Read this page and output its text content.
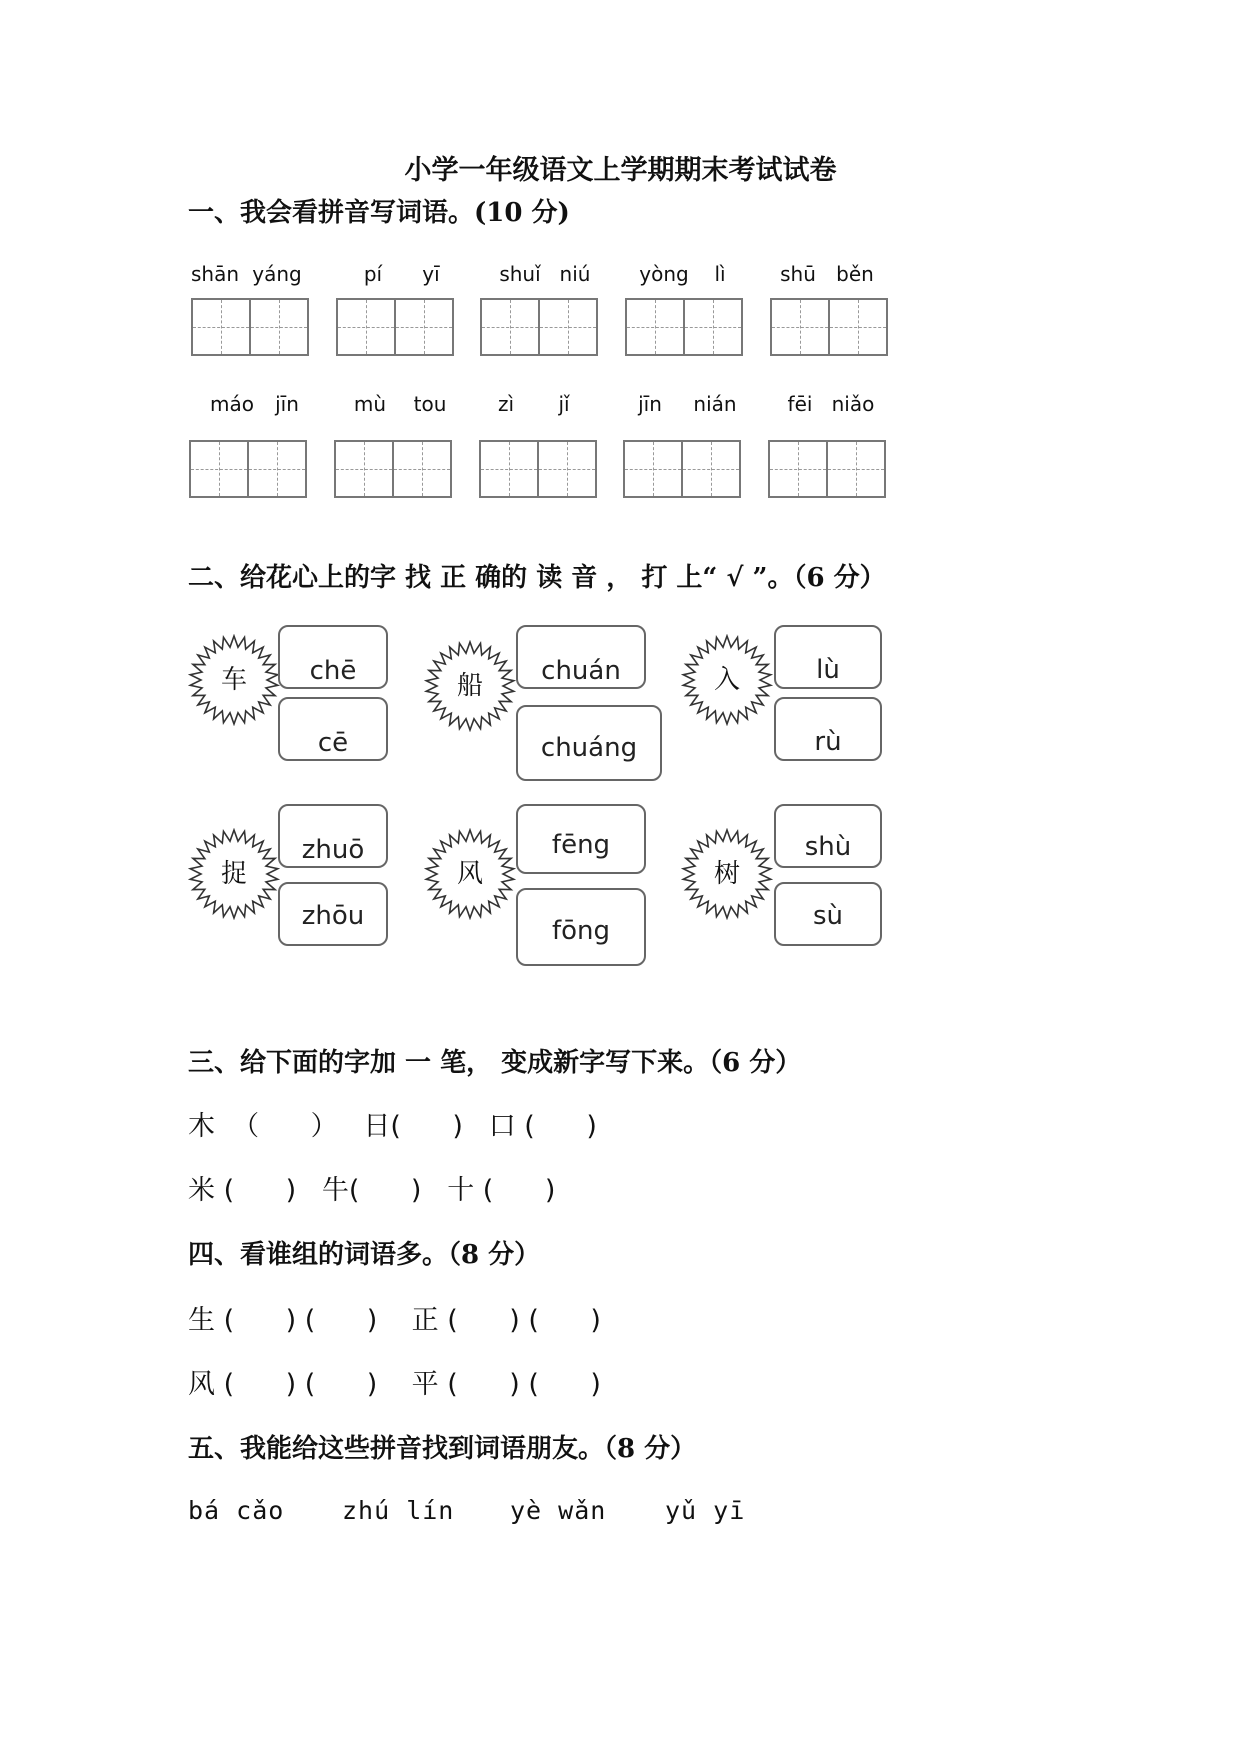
小学一年级语文上学期期末考试试卷
一、我会看拼音写词语。(10 分)
shān yáng	pí	yī	shuǐ niú	yòng	lì	shū	běn
máo	jīn	mù	tou	zì	jǐ	jīn	nián	fēi niǎo
二、给花心上的字 找 正 确的 读 音 ， 打 上“ √ ”。（6 分）
车	chē
cē
船	chuán
chuáng
入	lù
rù
捉
zhuō
zhōu
风
fēng
fōng
树
shù
sù
三、给下面的字加 一 笔， 变成新字写下来。（6 分）
木  （      ）   日(      )   口 (      )
米 (      )   牛(      )   十 (      )
四、看谁组的词语多。（8 分）
生 (      ) (      )    正 (      ) (      )
风 (      ) (      )    平 (      ) (      )
五、我能给这些拼音找到词语朋友。（8 分）
bá cǎo zhú lín yè wǎn yǔ yī
